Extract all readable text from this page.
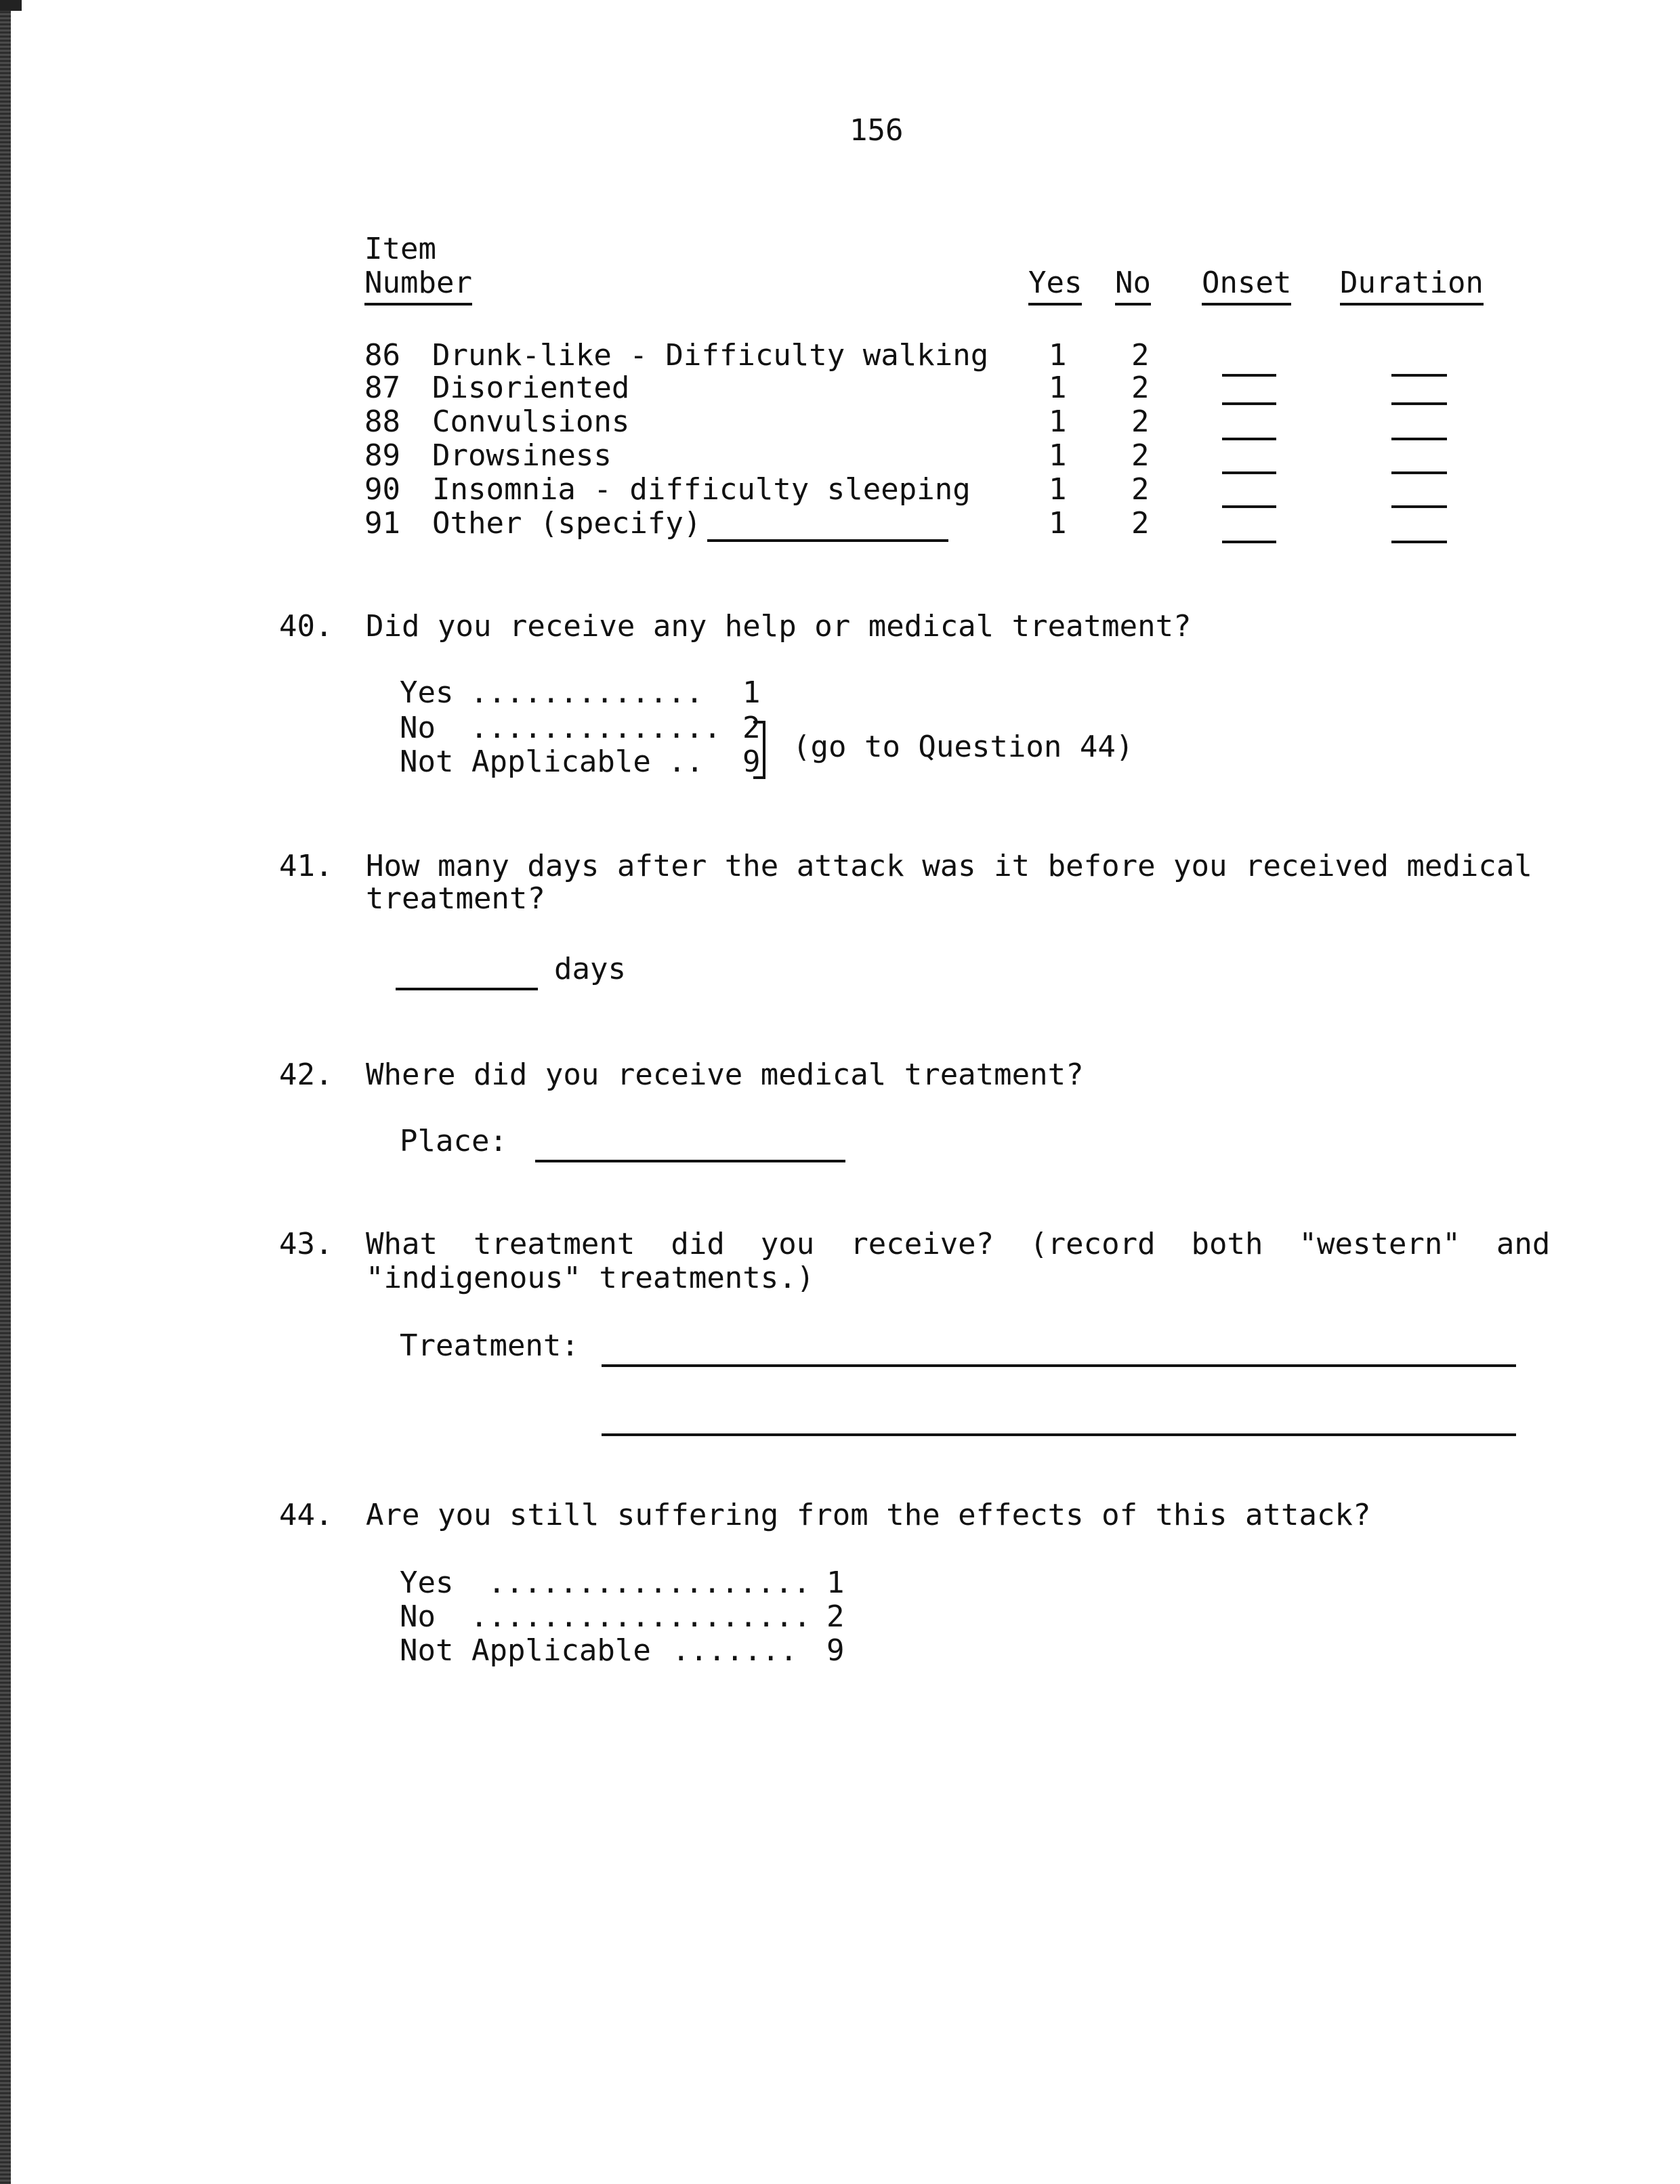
156
Item
Number	Yes No Onset Duration
86 Drunk-like - Difficulty walking 1 2
87 Disoriented	1 2
88 Convulsions	1 2
89 Drowsiness	1 2
90 Insomnia - difficulty sleeping	1 2
91 Other (specify)	1 2
40. Did you receive any help or medical treatment?
Yes ............. 1
No .............. 2
Not Applicable .. 9 (go to Question 44)
41. How many days after the attack was it before you received medical
treatment?
days
42. Where did you receive medical treatment?
Place:
43. What  treatment  did  you  receive?  (record  both  "western"  and
"indigenous" treatments.)
Treatment:
44. Are you still suffering from the effects of this attack?
Yes .................. 1
No ................... 2
Not Applicable ....... 9
